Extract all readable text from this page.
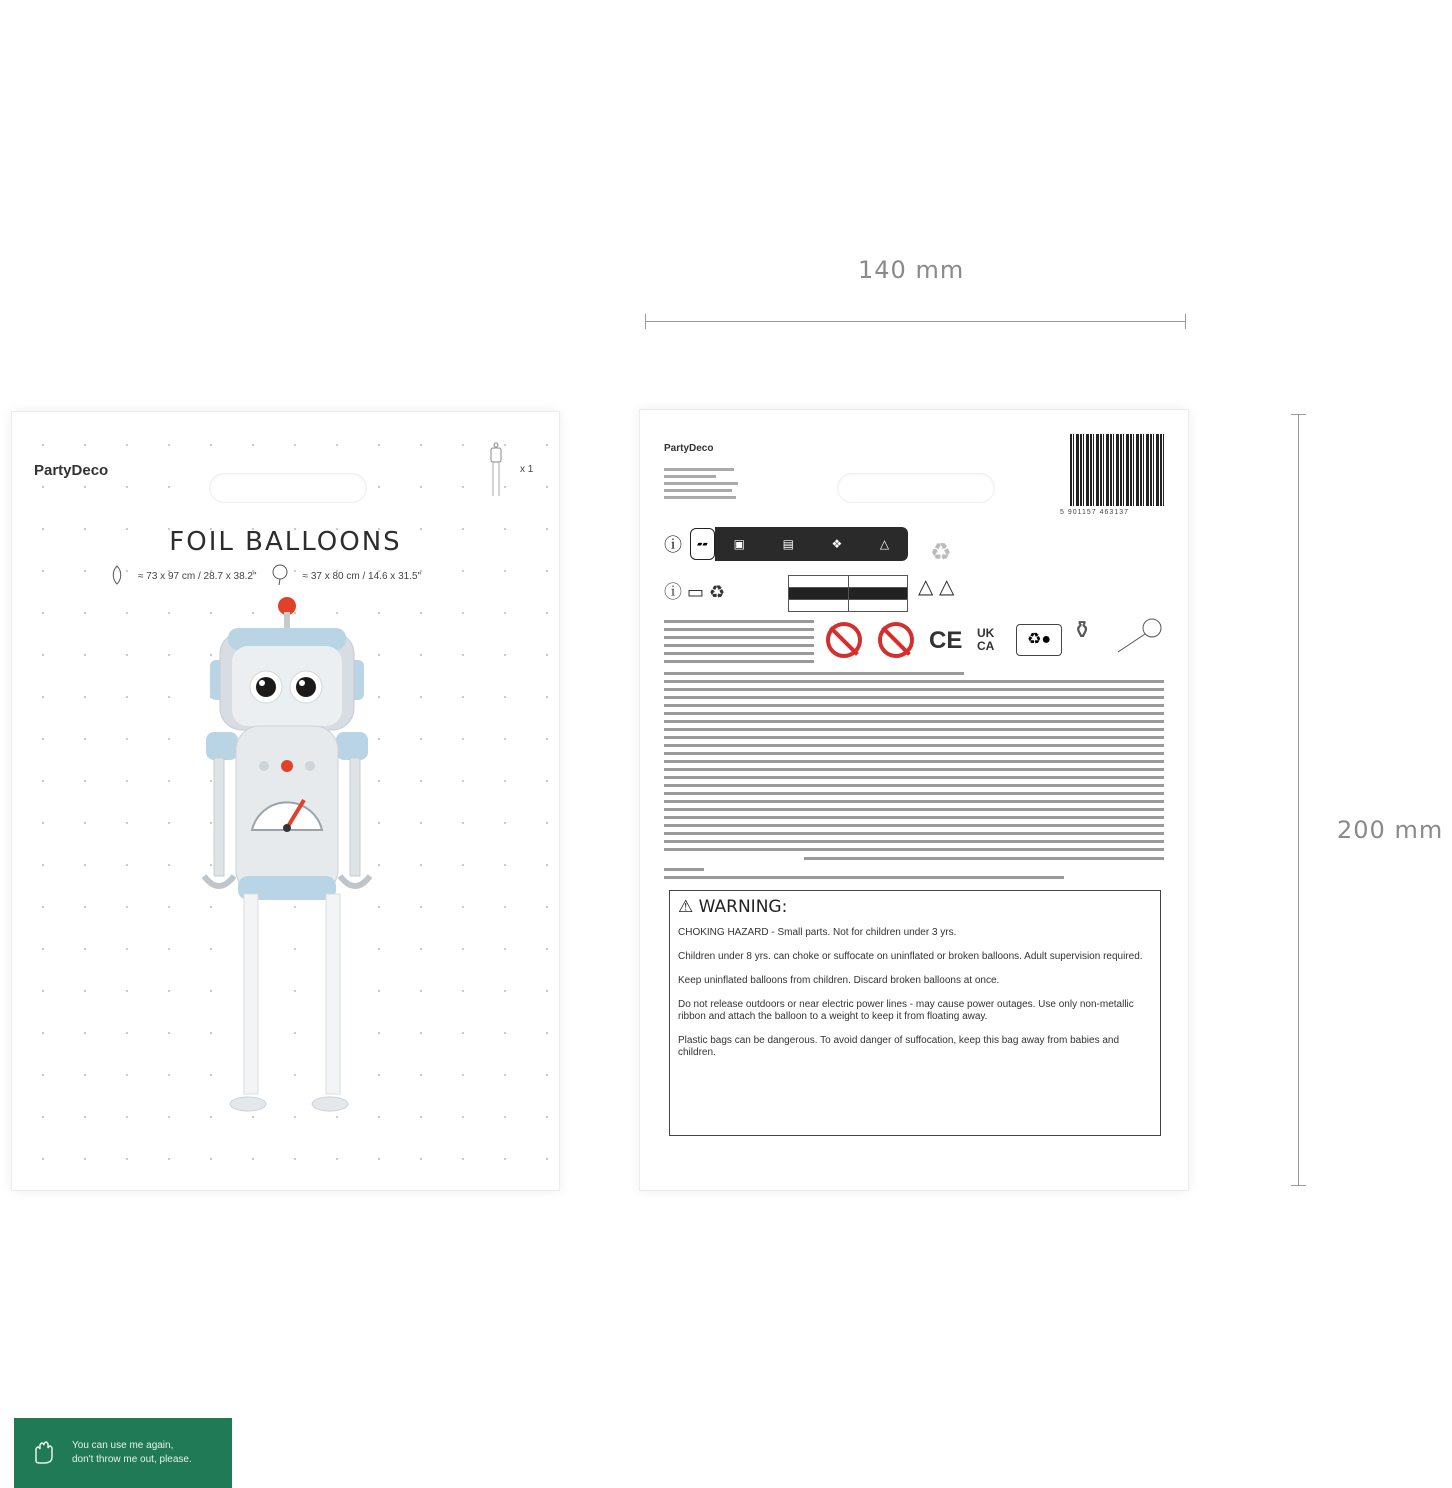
140 mm
200 mm
PartyDeco	x 1
FOIL BALLOONS
≈ 73 x 97 cm / 28.7 x 38.2"	≈ 37 x 80 cm / 14.6 x 31.5"
You can use me again,
don't throw me out, please.
PartyDeco
5 901157 463137
ⓘ	▰▰	▣	▤	❖	△ ♻
ⓘ ▭ ♻

		△ △
CE UK CA	♻● ⚱
⚠ WARNING:
CHOKING HAZARD - Small parts. Not for children under 3 yrs.
Children under 8 yrs. can choke or suffocate on uninflated or broken balloons. Adult supervision required.
Keep uninflated balloons from children. Discard broken balloons at once.
Do not release outdoors or near electric power lines - may cause power outages. Use only non-metallic ribbon and attach the balloon to a weight to keep it from floating away.
Plastic bags can be dangerous. To avoid danger of suffocation, keep this bag away from babies and children.
